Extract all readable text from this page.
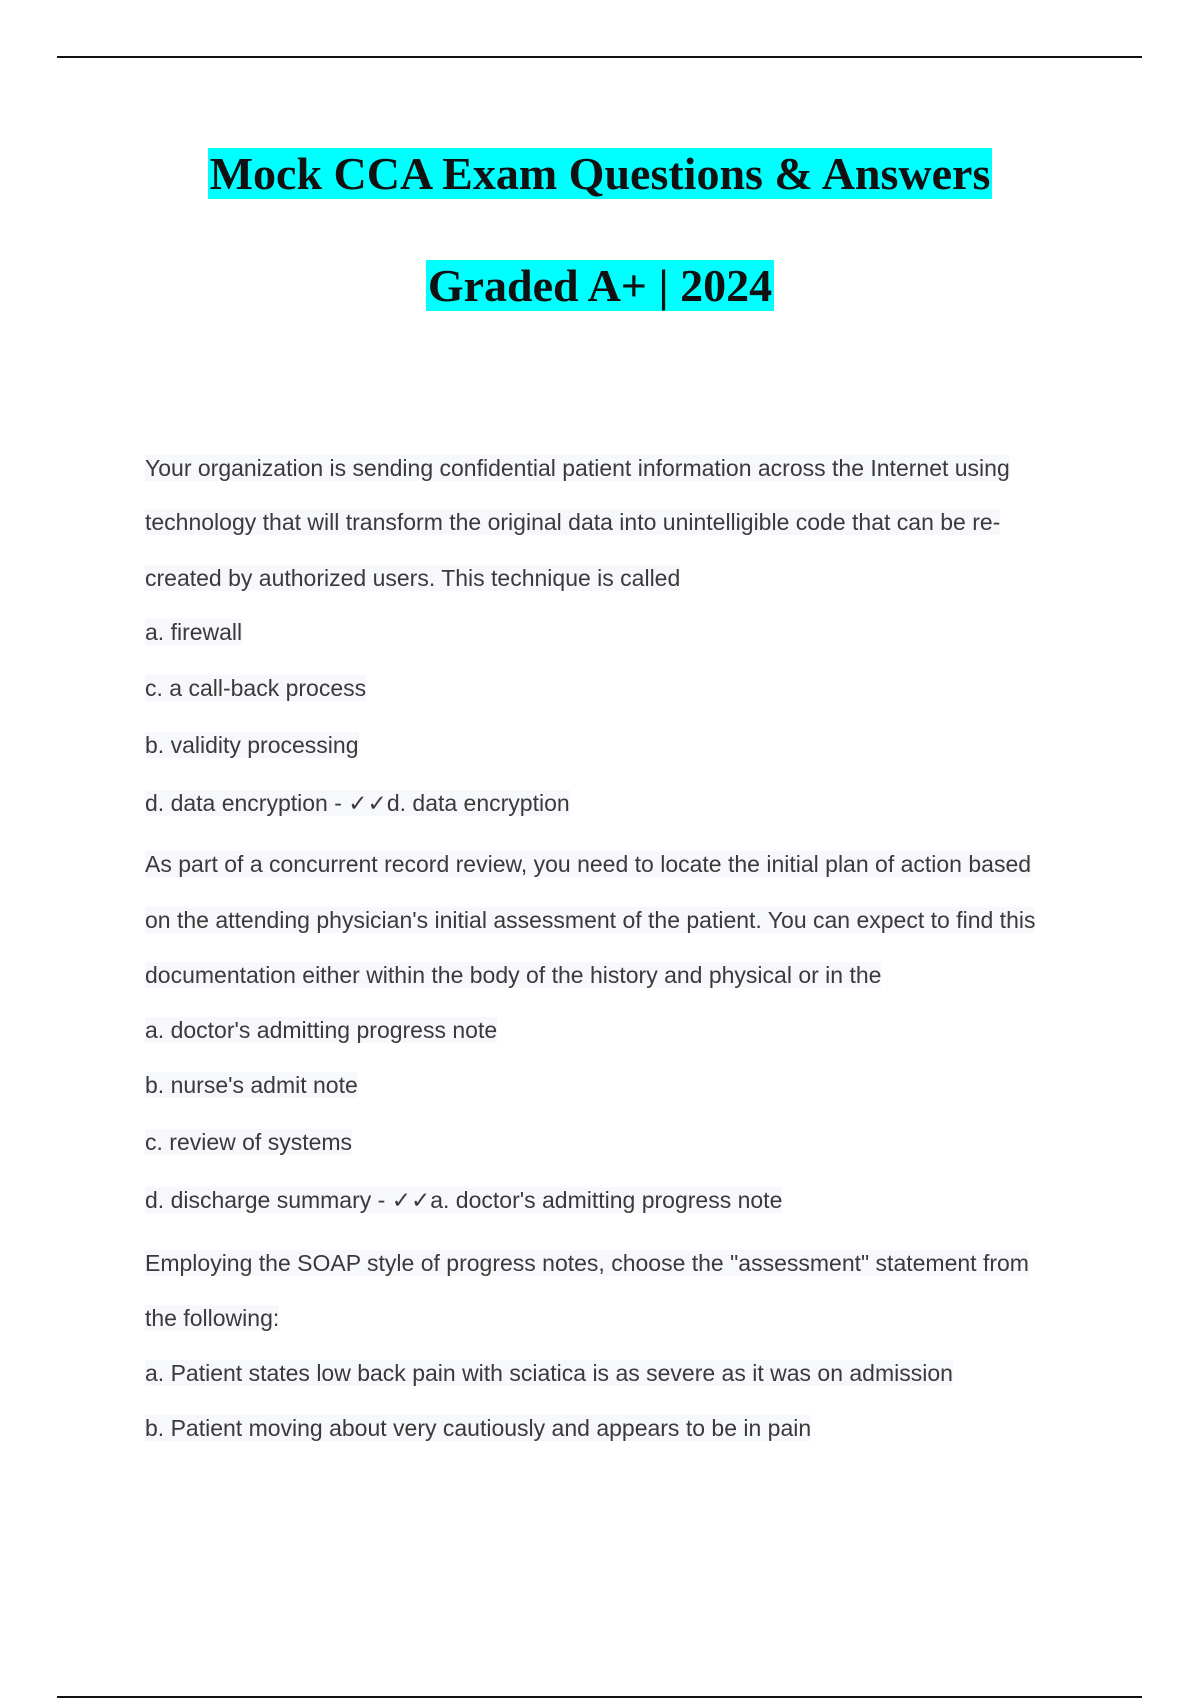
Mock CCA Exam Questions & Answers
Graded A+ | 2024
Your organization is sending confidential patient information across the Internet using
technology that will transform the original data into unintelligible code that can be re-
created by authorized users. This technique is called
a. firewall
c. a call-back process
b. validity processing
d. data encryption - ✓✓d. data encryption
As part of a concurrent record review, you need to locate the initial plan of action based
on the attending physician's initial assessment of the patient. You can expect to find this
documentation either within the body of the history and physical or in the
a. doctor's admitting progress note
b. nurse's admit note
c. review of systems
d. discharge summary - ✓✓a. doctor's admitting progress note
Employing the SOAP style of progress notes, choose the "assessment" statement from
the following:
a. Patient states low back pain with sciatica is as severe as it was on admission
b. Patient moving about very cautiously and appears to be in pain
